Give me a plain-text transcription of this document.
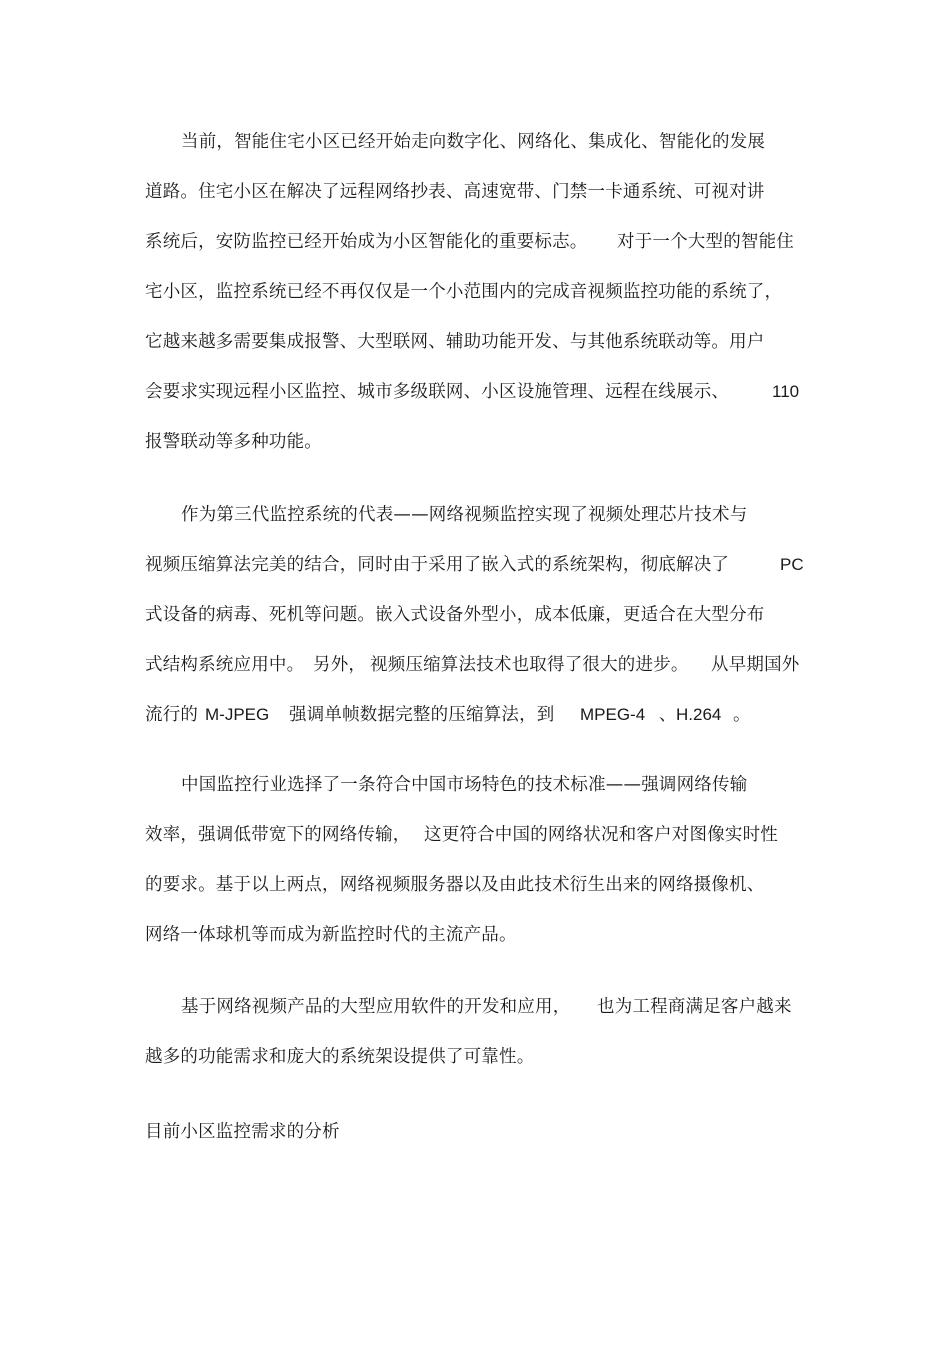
当前，智能住宅小区已经开始走向数字化、网络化、集成化、智能化的发展
道路。住宅小区在解决了远程网络抄表、高速宽带、门禁一卡通系统、可视对讲
系统后，安防监控已经开始成为小区智能化的重要标志。 对于一个大型的智能住
宅小区，监控系统已经不再仅仅是一个小范围内的完成音视频监控功能的系统了，
它越来越多需要集成报警、大型联网、辅助功能开发、与其他系统联动等。用户
会要求实现远程小区监控、城市多级联网、小区设施管理、远程在线展示、	110
报警联动等多种功能。
作为第三代监控系统的代表——网络视频监控实现了视频处理芯片技术与
视频压缩算法完美的结合，同时由于采用了嵌入式的系统架构，彻底解决了	PC
式设备的病毒、死机等问题。嵌入式设备外型小，成本低廉，更适合在大型分布
式结构系统应用中。 另外， 视频压缩算法技术也取得了很大的进步。 从早期国外
流行的 M-JPEG 强调单帧数据完整的压缩算法，到 MPEG-4 、H.264 。
中国监控行业选择了一条符合中国市场特色的技术标准——强调网络传输
效率，强调低带宽下的网络传输， 这更符合中国的网络状况和客户对图像实时性
的要求。基于以上两点，网络视频服务器以及由此技术衍生出来的网络摄像机、
网络一体球机等而成为新监控时代的主流产品。
基于网络视频产品的大型应用软件的开发和应用， 也为工程商满足客户越来
越多的功能需求和庞大的系统架设提供了可靠性。
目前小区监控需求的分析
